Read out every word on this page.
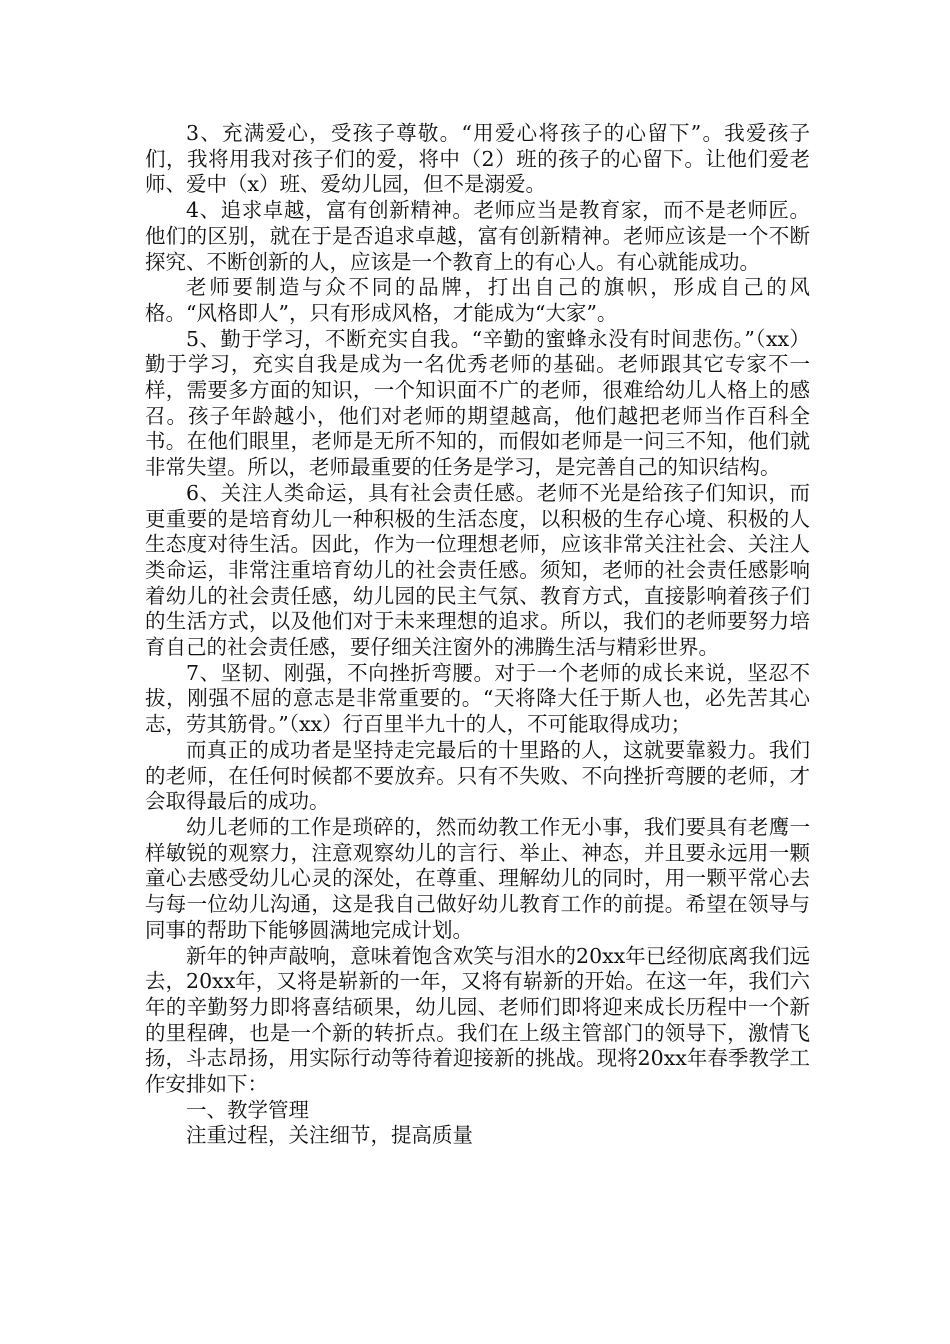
3、充满爱心，受孩子尊敬。“用爱心将孩子的心留下”。我爱孩子们，我将用我对孩子们的爱，将中（2）班的孩子的心留下。让他们爱老师、爱中（x）班、爱幼儿园，但不是溺爱。

4、追求卓越，富有创新精神。老师应当是教育家，而不是老师匠。他们的区别，就在于是否追求卓越，富有创新精神。老师应该是一个不断探究、不断创新的人，应该是一个教育上的有心人。有心就能成功。

老师要制造与众不同的品牌，打出自己的旗帜，形成自己的风格。“风格即人”，只有形成风格，才能成为“大家”。

5、勤于学习，不断充实自我。“辛勤的蜜蜂永没有时间悲伤。”（xx）勤于学习，充实自我是成为一名优秀老师的基础。老师跟其它专家不一样，需要多方面的知识，一个知识面不广的老师，很难给幼儿人格上的感召。孩子年龄越小，他们对老师的期望越高，他们越把老师当作百科全书。在他们眼里，老师是无所不知的，而假如老师是一问三不知，他们就非常失望。所以，老师最重要的任务是学习，是完善自己的知识结构。

6、关注人类命运，具有社会责任感。老师不光是给孩子们知识，而更重要的是培育幼儿一种积极的生活态度，以积极的生存心境、积极的人生态度对待生活。因此，作为一位理想老师，应该非常关注社会、关注人类命运，非常注重培育幼儿的社会责任感。须知，老师的社会责任感影响着幼儿的社会责任感，幼儿园的民主气氛、教育方式，直接影响着孩子们的生活方式，以及他们对于未来理想的追求。所以，我们的老师要努力培育自己的社会责任感，要仔细关注窗外的沸腾生活与精彩世界。

7、坚韧、刚强，不向挫折弯腰。对于一个老师的成长来说，坚忍不拔，刚强不屈的意志是非常重要的。“天将降大任于斯人也，必先苦其心志，劳其筋骨。”（xx）行百里半九十的人，不可能取得成功；

而真正的成功者是坚持走完最后的十里路的人，这就要靠毅力。我们的老师，在任何时候都不要放弃。只有不失败、不向挫折弯腰的老师，才会取得最后的成功。

幼儿老师的工作是琐碎的，然而幼教工作无小事，我们要具有老鹰一样敏锐的观察力，注意观察幼儿的言行、举止、神态，并且要永远用一颗童心去感受幼儿心灵的深处，在尊重、理解幼儿的同时，用一颗平常心去与每一位幼儿沟通，这是我自己做好幼儿教育工作的前提。希望在领导与同事的帮助下能够圆满地完成计划。

新年的钟声敲响，意味着饱含欢笑与泪水的20xx年已经彻底离我们远去，20xx年，又将是崭新的一年，又将有崭新的开始。在这一年，我们六年的辛勤努力即将喜结硕果，幼儿园、老师们即将迎来成长历程中一个新的里程碑，也是一个新的转折点。我们在上级主管部门的领导下，激情飞扬，斗志昂扬，用实际行动等待着迎接新的挑战。现将20xx年春季教学工作安排如下：

一、教学管理

注重过程，关注细节，提高质量
